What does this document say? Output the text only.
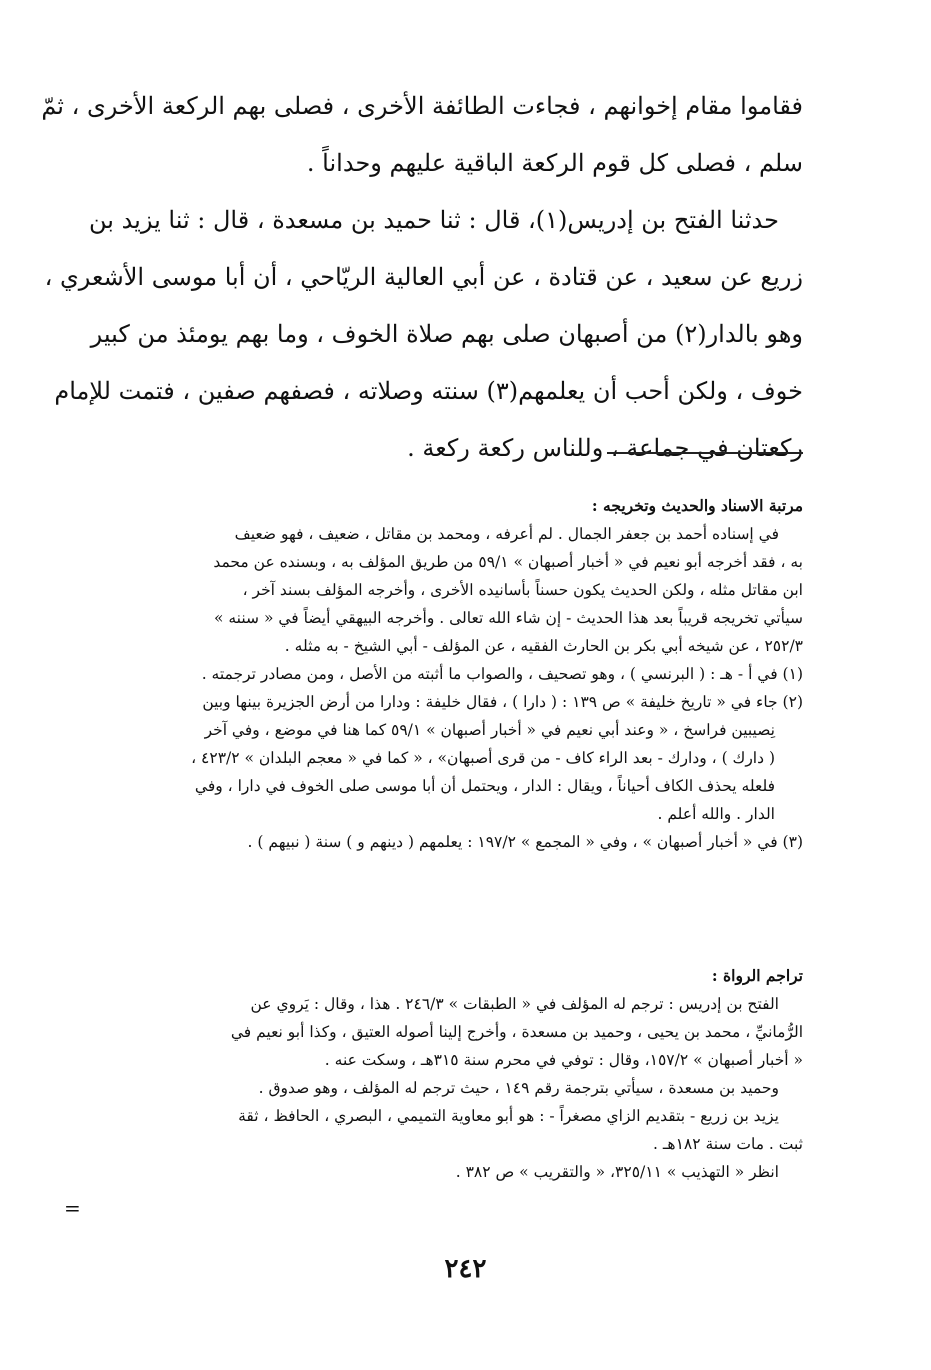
فقاموا مقام إخوانهم ، فجاءت الطائفة الأخرى ، فصلى بهم الركعة الأخرى ، ثمّ
سلم ، فصلى كل قوم الركعة الباقية عليهم وحداناً .
حدثنا الفتح بن إدريس(١)، قال : ثنا حميد بن مسعدة ، قال : ثنا يزيد بن
زريع عن سعيد ، عن قتادة ، عن أبي العالية الريّاحي ، أن أبا موسى الأشعري ،
وهو بالدار(٢) من أصبهان صلى بهم صلاة الخوف ، وما بهم يومئذ من كبير
خوف ، ولكن أحب أن يعلمهم(٣) سنته وصلاته ، فصفهم صفين ، فتمت للإمام
ركعتان في جماعة ، وللناس ركعة ركعة .
مرتبة الاسناد والحديث وتخريجه :
في إسناده أحمد بن جعفر الجمال . لم أعرفه ، ومحمد بن مقاتل ، ضعيف ، فهو ضعيف
به ، فقد أخرجه أبو نعيم في « أخبار أصبهان » ٥٩/١ من طريق المؤلف به ، وبسنده عن محمد
ابن مقاتل مثله ، ولكن الحديث يكون حسناً بأسانيده الأخرى ، وأخرجه المؤلف بسند آخر ،
سيأتي تخريجه قريباً بعد هذا الحديث - إن شاء الله تعالى . وأخرجه البيهقي أيضاً في « سننه »
٢٥٢/٣ ، عن شيخه أبي بكر بن الحارث الفقيه ، عن المؤلف - أبي الشيخ - به مثله .
(١) في أ - هـ : ( البرنسي ) ، وهو تصحيف ، والصواب ما أثبته من الأصل ، ومن مصادر ترجمته .
(٢) جاء في « تاريخ خليفة » ص ١٣٩ : ( دارا ) ، فقال خليفة : ودارا من أرض الجزيرة بينها وبين
نِصيبين فراسخ ، « وعند أبي نعيم في « أخبار أصبهان » ٥٩/١ كما هنا في موضع ، وفي آخر
( دارك ) ، ودارك - بعد الراء كاف - من قرى أصبهان» ، « كما في « معجم البلدان » ٤٢٣/٢ ،
فلعله يحذف الكاف أحياناً ، ويقال : الدار ، ويحتمل أن أبا موسى صلى الخوف في دارا ، وفي
الدار . والله أعلم .
(٣) في « أخبار أصبهان » ، وفي « المجمع » ١٩٧/٢ : يعلمهم ( دينهم و ) سنة ( نبيهم ) .
تراجم الرواة :
الفتح بن إدريس : ترجم له المؤلف في « الطبقات » ٢٤٦/٣ . هذا ، وقال : يَروي عن
الرُّمانيِّ ، محمد بن يحيى ، وحميد بن مسعدة ، وأخرج إلينا أصوله العتيق ، وكذا أبو نعيم في
« أخبار أصبهان » ١٥٧/٢، وقال : توفي في محرم سنة ٣١٥هـ ، وسكت عنه .
وحميد بن مسعدة ، سيأتي بترجمة رقم ١٤٩ ، حيث ترجم له المؤلف ، وهو صدوق .
يزيد بن زريع - بتقديم الزاي مصغراً - : هو أبو معاوية التميمي ، البصري ، الحافظ ، ثقة
ثبت . مات سنة ١٨٢هـ .
انظر « التهذيب » ٣٢٥/١١، « والتقريب » ص ٣٨٢ .
=
٢٤٢
